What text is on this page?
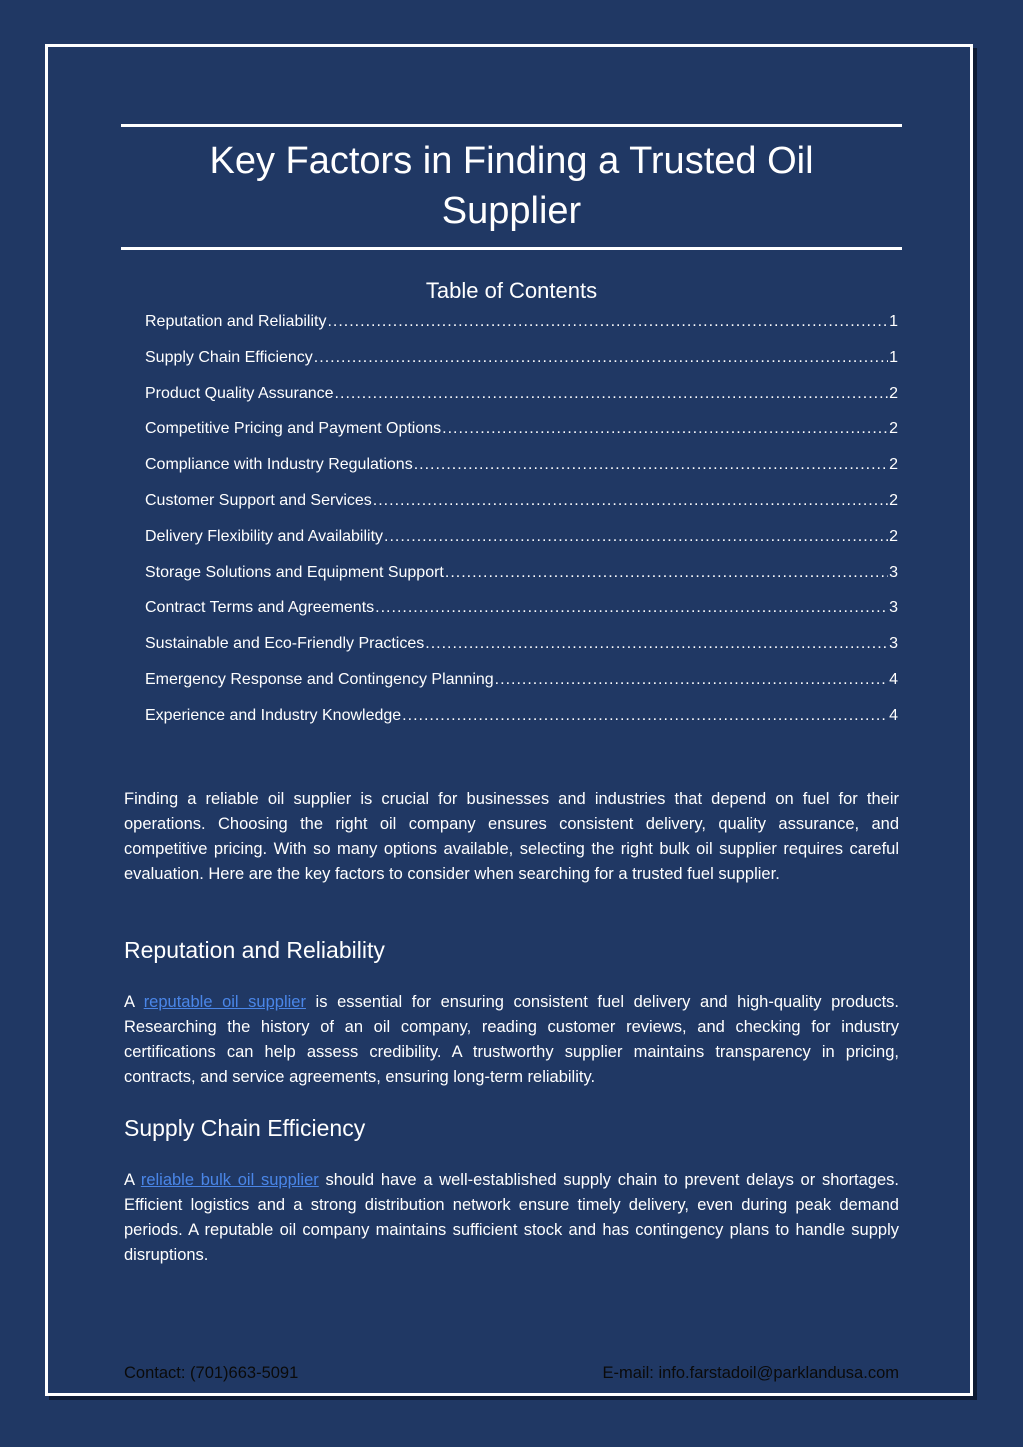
Key Factors in Finding a Trusted Oil
Supplier
Table of Contents
Reputation and Reliability .....	1
Supply Chain Efficiency .....	1
Product Quality Assurance .....	2
Competitive Pricing and Payment Options .....	2
Compliance with Industry Regulations .....	2
Customer Support and Services .....	2
Delivery Flexibility and Availability .....	2
Storage Solutions and Equipment Support .....	3
Contract Terms and Agreements .....	3
Sustainable and Eco-Friendly Practices .....	3
Emergency Response and Contingency Planning .....	4
Experience and Industry Knowledge .....	4
Finding a reliable oil supplier is crucial for businesses and industries that depend on fuel for their operations. Choosing the right oil company ensures consistent delivery, quality assurance, and competitive pricing. With so many options available, selecting the right bulk oil supplier requires careful evaluation. Here are the key factors to consider when searching for a trusted fuel supplier.
Reputation and Reliability
A reputable oil supplier is essential for ensuring consistent fuel delivery and high-quality products. Researching the history of an oil company, reading customer reviews, and checking for industry certifications can help assess credibility. A trustworthy supplier maintains transparency in pricing, contracts, and service agreements, ensuring long-term reliability.
Supply Chain Efficiency
A reliable bulk oil supplier should have a well-established supply chain to prevent delays or shortages. Efficient logistics and a strong distribution network ensure timely delivery, even during peak demand periods. A reputable oil company maintains sufficient stock and has contingency plans to handle supply disruptions.
Contact: (701)663-5091	E-mail: info.farstadoil@parklandusa.com
